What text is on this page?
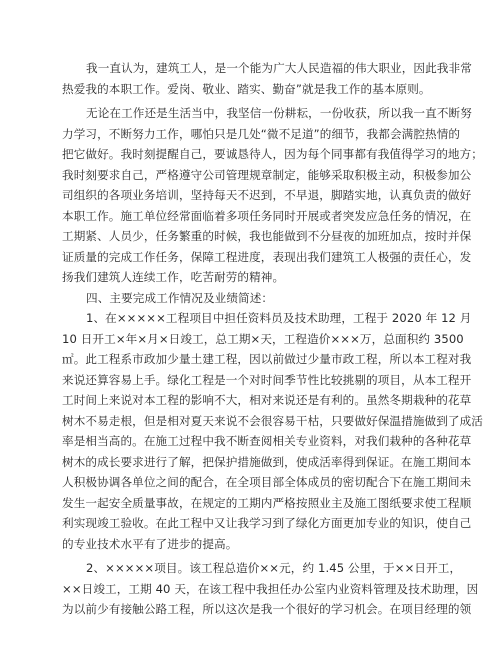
我一直认为，建筑工人，是一个能为广大人民造福的伟大职业，因此我非常
热爱我的本职工作。爱岗、敬业、踏实、勤奋”就是我工作的基本原则。
无论在工作还是生活当中，我坚信一份耕耘，一份收获，所以我一直不断努
力学习，不断努力工作，哪怕只是几处“微不足道”的细节，我都会满腔热情的
把它做好。我时刻提醒自己，要诚恳待人，因为每个同事都有我值得学习的地方；
我时刻要求自己，严格遵守公司管理规章制定，能够采取积极主动，积极参加公
司组织的各项业务培训，坚持每天不迟到，不早退，脚踏实地，认真负责的做好
本职工作。施工单位经常面临着多项任务同时开展或者突发应急任务的情况，在
工期紧、人员少，任务繁重的时候，我也能做到不分昼夜的加班加点，按时并保
证质量的完成工作任务，保障工程进度，表现出我们建筑工人极强的责任心，发
扬我们建筑人连续工作，吃苦耐劳的精神。
四、主要完成工作情况及业绩简述：
1、在×××××工程项目中担任资料员及技术助理，工程于 2020 年 12 月
10 日开工×年×月×日竣工，总工期×天，工程造价×××万，总面积约 3500
㎡。此工程系市政加少量土建工程，因以前做过少量市政工程，所以本工程对我
来说还算容易上手。绿化工程是一个对时间季节性比较挑剔的项目，从本工程开
工时间上来说对本工程的影响不大，相对来说还是有利的。虽然冬期栽种的花草
树木不易走根，但是相对夏天来说不会很容易干枯，只要做好保温措施做到了成活
率是相当高的。在施工过程中我不断查阅相关专业资料，对我们栽种的各种花草
树木的成长要求进行了解，把保护措施做到，使成活率得到保证。在施工期间本
人积极协调各单位之间的配合，在全项目部全体成员的密切配合下在施工期间未
发生一起安全质量事故，在规定的工期内严格按照业主及施工图纸要求使工程顺
利实现竣工验收。在此工程中又让我学习到了绿化方面更加专业的知识，使自己
的专业技术水平有了进步的提高。
2、×××××项目。该工程总造价××元，约 1.45 公里，于××日开工，
××日竣工，工期 40 天，在该工程中我担任办公室内业资料管理及技术助理，因
为以前少有接触公路工程，所以这次是我一个很好的学习机会。在项目经理的领
